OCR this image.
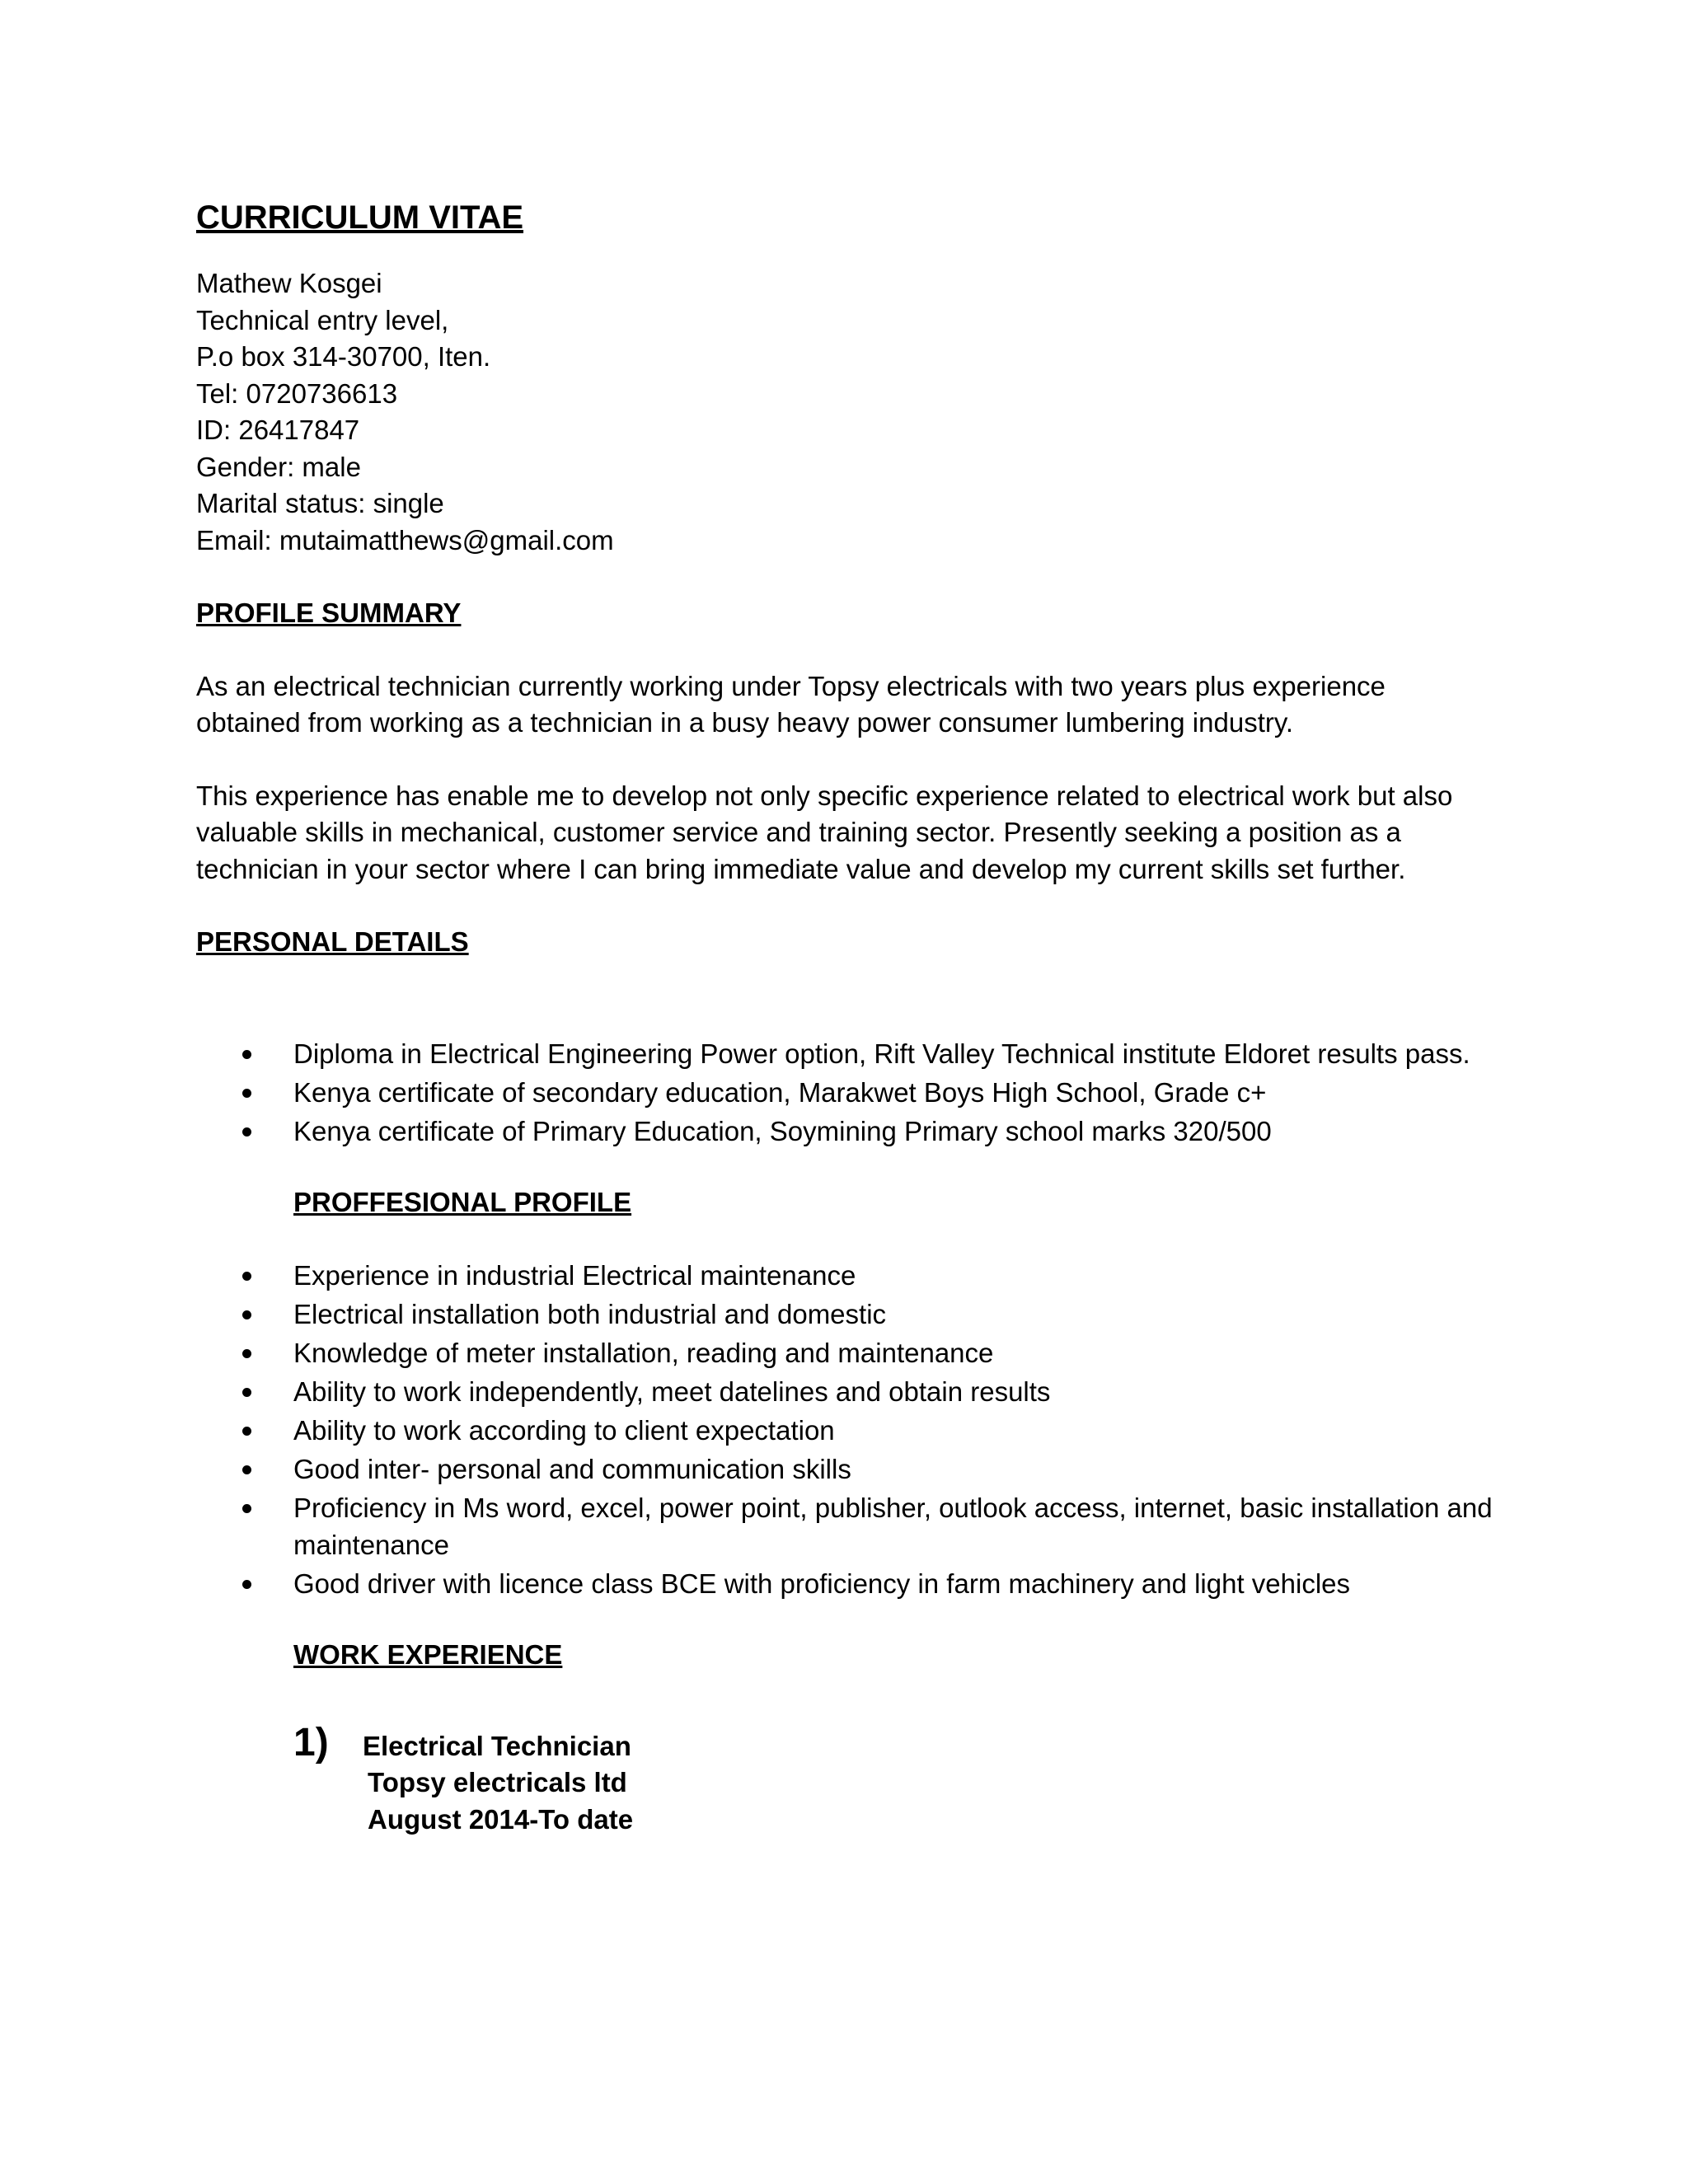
CURRICULUM VITAE

Mathew Kosgei

Technical entry level,

P.o box 314-30700, Iten.

Tel: 0720736613

ID: 26417847

Gender: male

Marital status: single

Email: mutaimatthews@gmail.com

PROFILE SUMMARY

As an electrical technician currently working under Topsy electricals with two years plus experience obtained from working as a technician in a busy heavy power consumer lumbering industry.

This experience has enable me to develop not only specific experience related to electrical work but also valuable skills in mechanical, customer service and training sector. Presently seeking a position as a technician in your sector where I can bring immediate value and develop my current skills set further.

PERSONAL DETAILS
Diploma in Electrical Engineering Power option, Rift Valley Technical institute Eldoret results pass.
Kenya certificate of secondary education, Marakwet Boys High School, Grade c+
Kenya certificate of Primary Education, Soymining Primary school marks 320/500
PROFFESIONAL PROFILE
Experience in industrial Electrical maintenance
Electrical installation both industrial and domestic
Knowledge of meter installation, reading and maintenance
Ability to work independently, meet datelines and obtain results
Ability to work according to client expectation
Good inter- personal and communication skills
Proficiency in Ms word, excel, power point, publisher, outlook access, internet, basic installation and maintenance
Good driver with licence class BCE with proficiency in farm machinery and light vehicles
WORK EXPERIENCE
1) Electrical Technician

Topsy electricals ltd

August 2014-To date
